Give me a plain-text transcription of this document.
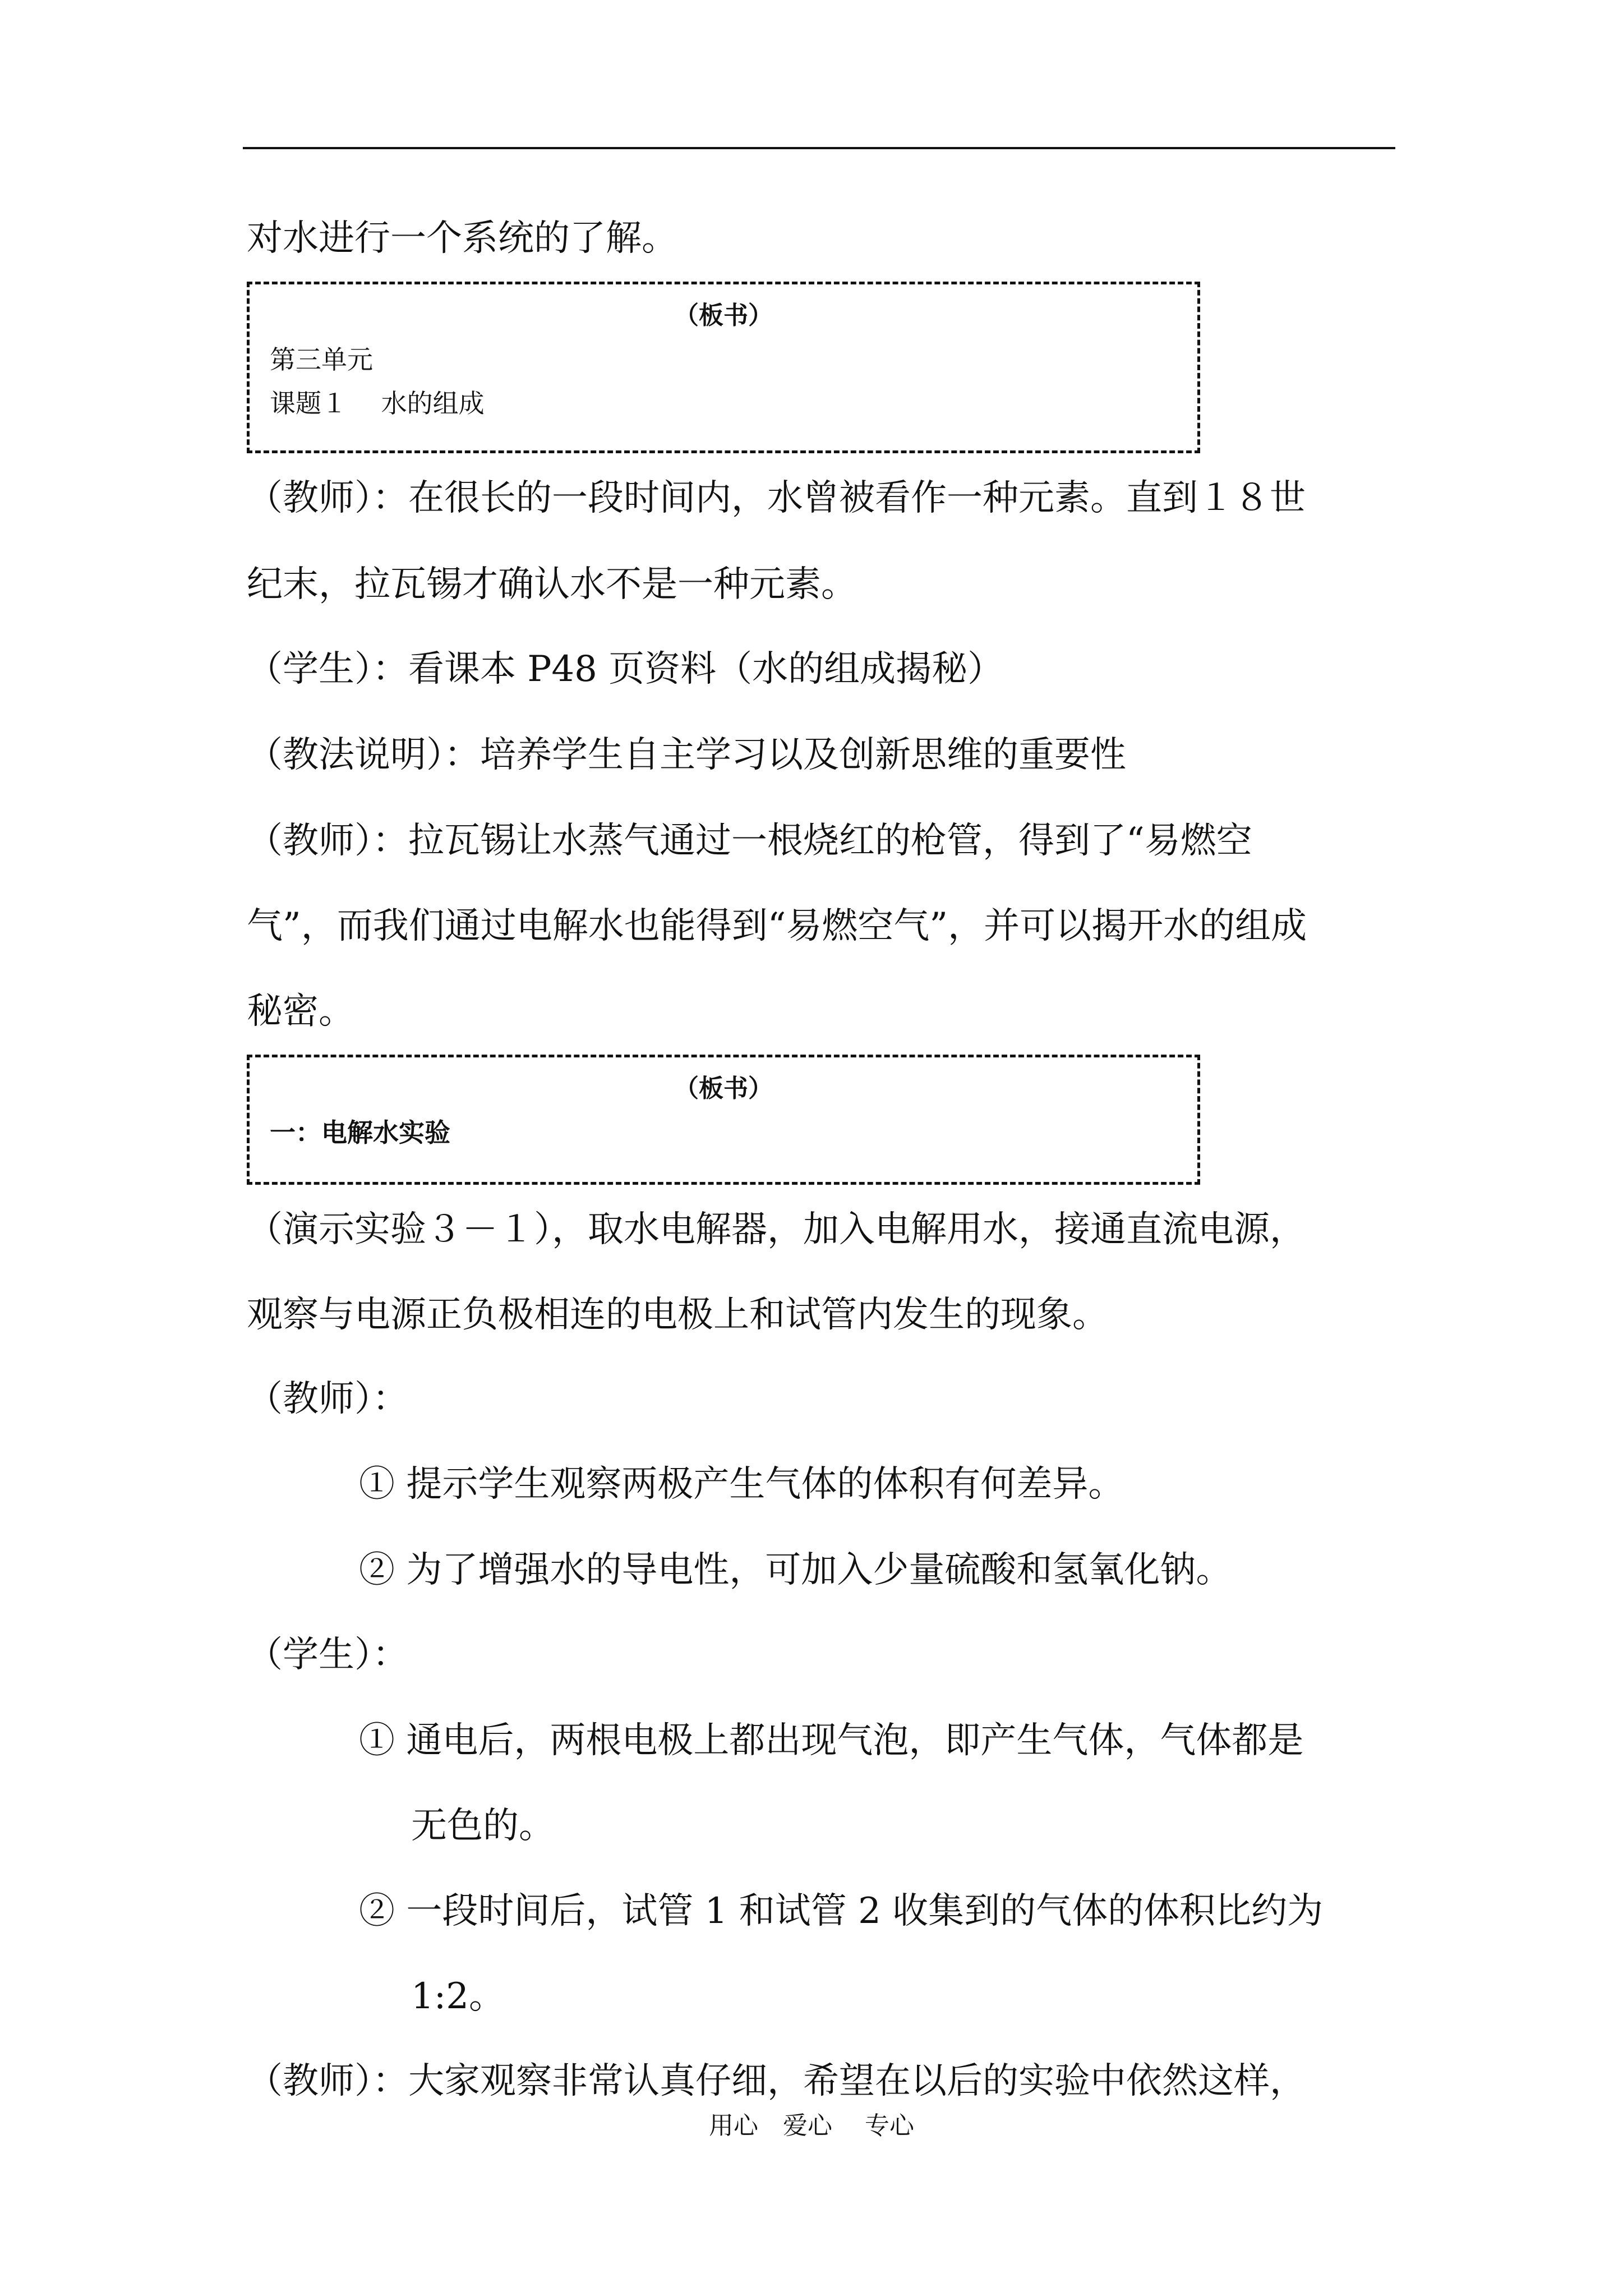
对水进行一个系统的了解。
（板书）
第三单元
课题１　 水的组成
（教师）：在很长的一段时间内，水曾被看作一种元素。直到１８世
纪末，拉瓦锡才确认水不是一种元素。
（学生）：看课本 P48 页资料（水的组成揭秘）
（教法说明）：培养学生自主学习以及创新思维的重要性
（教师）：拉瓦锡让水蒸气通过一根烧红的枪管，得到了“易燃空
气”，而我们通过电解水也能得到“易燃空气”，并可以揭开水的组成
秘密。
（板书）
一：电解水实验
（演示实验３－１），取水电解器，加入电解用水，接通直流电源，
观察与电源正负极相连的电极上和试管内发生的现象。
（教师）：
① 提示学生观察两极产生气体的体积有何差异。
② 为了增强水的导电性，可加入少量硫酸和氢氧化钠。
（学生）：
① 通电后，两根电极上都出现气泡，即产生气体，气体都是
无色的。
② 一段时间后，试管 1 和试管 2 收集到的气体的体积比约为
1:2。
（教师）：大家观察非常认真仔细，希望在以后的实验中依然这样，
用心　爱心　 专心
